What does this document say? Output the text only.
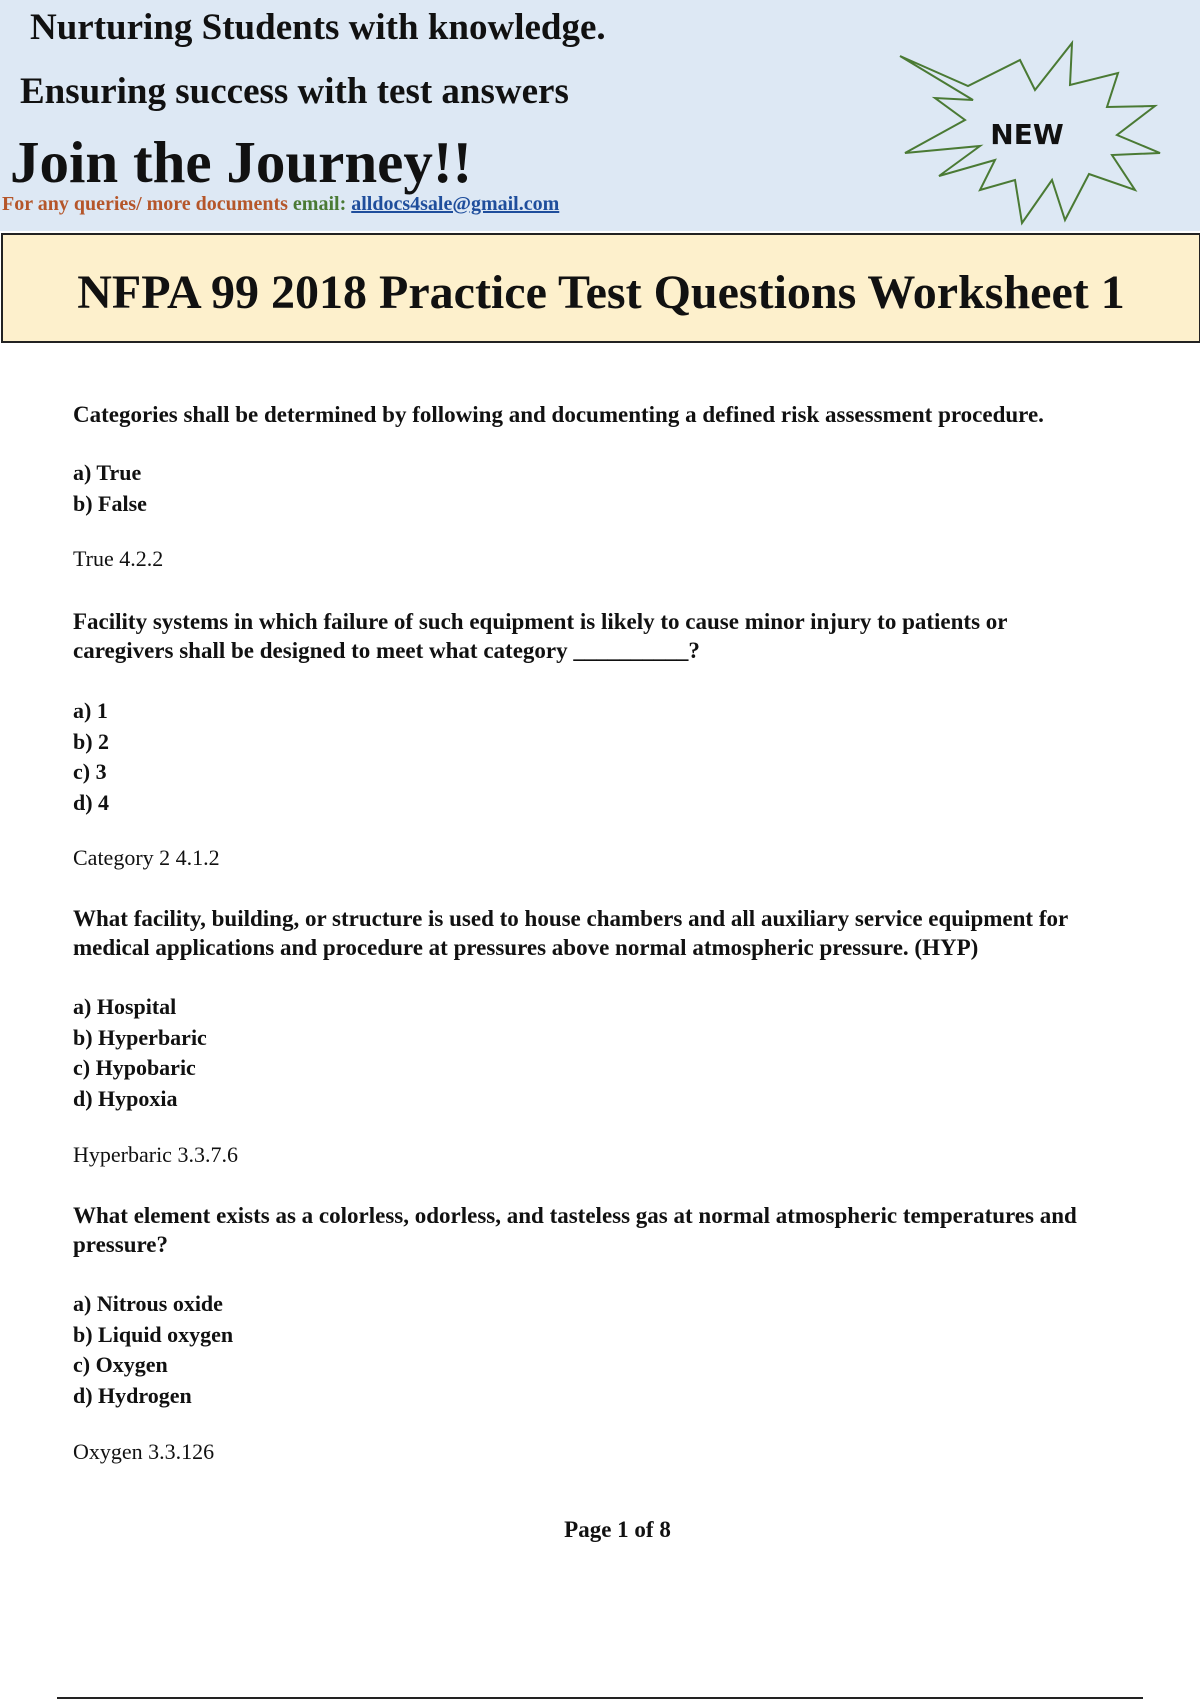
Nurturing Students with knowledge.
Ensuring success with test answers
Join the Journey!!
For any queries/ more documents email: alldocs4sale@gmail.com
NEW
NFPA 99 2018 Practice Test Questions Worksheet 1

Categories shall be determined by following and documenting a defined risk assessment procedure.

a) True
b) False
True 4.2.2

Facility systems in which failure of such equipment is likely to cause minor injury to patients or

caregivers shall be designed to meet what category __________?

a) 1
b) 2
c) 3
d) 4
Category 2 4.1.2

What facility, building, or structure is used to house chambers and all auxiliary service equipment for

medical applications and procedure at pressures above normal atmospheric pressure. (HYP)

a) Hospital
b) Hyperbaric
c) Hypobaric
d) Hypoxia
Hyperbaric 3.3.7.6

What element exists as a colorless, odorless, and tasteless gas at normal atmospheric temperatures and

pressure?

a) Nitrous oxide
b) Liquid oxygen
c) Oxygen
d) Hydrogen
Oxygen 3.3.126
Page 1 of 8
